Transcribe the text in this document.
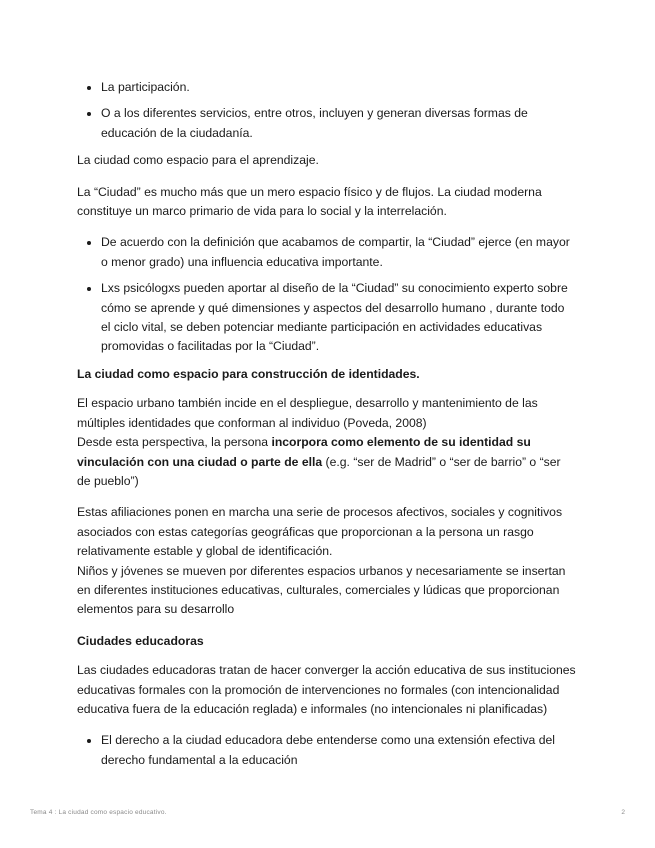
• La participación.
• O a los diferentes servicios, entre otros, incluyen y generan diversas formas de educación de la ciudadanía.

La ciudad como espacio para el aprendizaje.

La “Ciudad” es mucho más que un mero espacio físico y de flujos. La ciudad moderna constituye un marco primario de vida para lo social y la interrelación.

• De acuerdo con la definición que acabamos de compartir, la “Ciudad” ejerce (en mayor o menor grado) una influencia educativa importante.
• Lxs psicólogxs pueden aportar al diseño de la “Ciudad” su conocimiento experto sobre cómo se aprende y qué dimensiones y aspectos del desarrollo humano , durante todo el ciclo vital, se deben potenciar mediante participación en actividades educativas promovidas o facilitadas por la “Ciudad”.

La ciudad como espacio para construcción de identidades.

El espacio urbano también incide en el despliegue, desarrollo y mantenimiento de las múltiples identidades que conforman al individuo (Poveda, 2008)

Desde esta perspectiva, la persona incorpora como elemento de su identidad su vinculación con una ciudad o parte de ella (e.g. “ser de Madrid” o “ser de barrio” o “ser de pueblo”)

Estas afiliaciones ponen en marcha una serie de procesos afectivos, sociales y cognitivos asociados con estas categorías geográficas que proporcionan a la persona un rasgo relativamente estable y global de identificación.

Niños y jóvenes se mueven por diferentes espacios urbanos y necesariamente se insertan en diferentes instituciones educativas, culturales, comerciales y lúdicas que proporcionan elementos para su desarrollo

Ciudades educadoras

Las ciudades educadoras tratan de hacer converger la acción educativa de sus instituciones educativas formales con la promoción de intervenciones no formales (con intencionalidad educativa fuera de la educación reglada) e informales (no intencionales ni planificadas)

• El derecho a la ciudad educadora debe entenderse como una extensión efectiva del derecho fundamental a la educación
Tema 4 : La ciudad como espacio educativo.	2
